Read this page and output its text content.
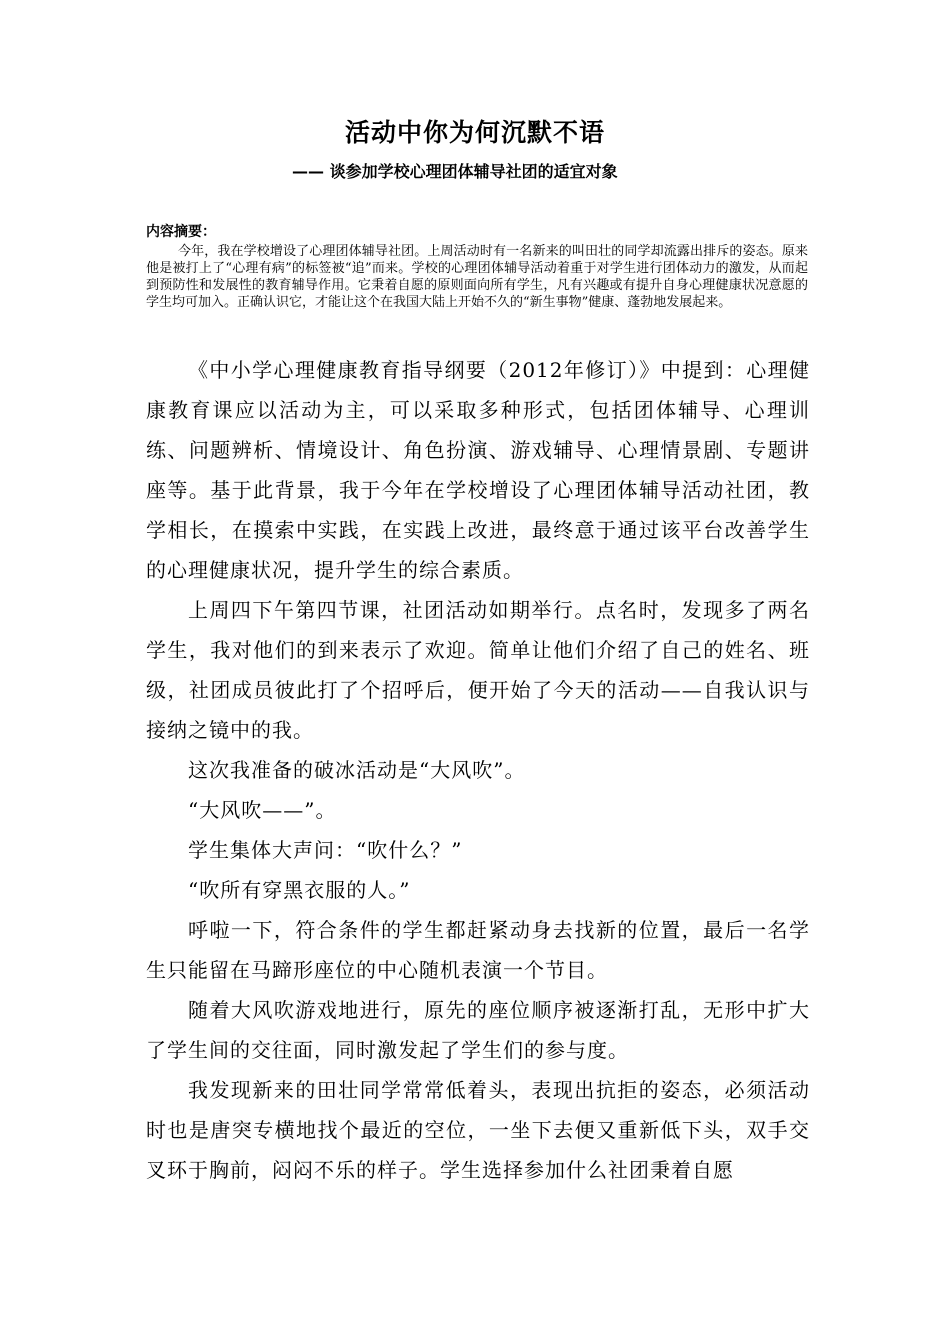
活动中你为何沉默不语
—— 谈参加学校心理团体辅导社团的适宜对象
内容摘要：
今年，我在学校增设了心理团体辅导社团。上周活动时有一名新来的叫田壮的同学却流露出排斥的姿态。原来他是被打上了“心理有病”的标签被“追”而来。学校的心理团体辅导活动着重于对学生进行团体动力的激发，从而起到预防性和发展性的教育辅导作用。它秉着自愿的原则面向所有学生，凡有兴趣或有提升自身心理健康状况意愿的学生均可加入。正确认识它，才能让这个在我国大陆上开始不久的“新生事物”健康、蓬勃地发展起来。

《中小学心理健康教育指导纲要（2012年修订）》中提到：心理健康教育课应以活动为主，可以采取多种形式，包括团体辅导、心理训练、问题辨析、情境设计、角色扮演、游戏辅导、心理情景剧、专题讲座等。基于此背景，我于今年在学校增设了心理团体辅导活动社团，教学相长，在摸索中实践，在实践上改进，最终意于通过该平台改善学生的心理健康状况，提升学生的综合素质。

上周四下午第四节课，社团活动如期举行。点名时，发现多了两名学生，我对他们的到来表示了欢迎。简单让他们介绍了自己的姓名、班级，社团成员彼此打了个招呼后，便开始了今天的活动——自我认识与接纳之镜中的我。

这次我准备的破冰活动是“大风吹”。

“大风吹——”。

学生集体大声问：“吹什么？”

“吹所有穿黑衣服的人。”

呼啦一下，符合条件的学生都赶紧动身去找新的位置，最后一名学生只能留在马蹄形座位的中心随机表演一个节目。

随着大风吹游戏地进行，原先的座位顺序被逐渐打乱，无形中扩大了学生间的交往面，同时激发起了学生们的参与度。

我发现新来的田壮同学常常低着头，表现出抗拒的姿态，必须活动时也是唐突专横地找个最近的空位，一坐下去便又重新低下头，双手交叉环于胸前，闷闷不乐的样子。学生选择参加什么社团秉着自愿
